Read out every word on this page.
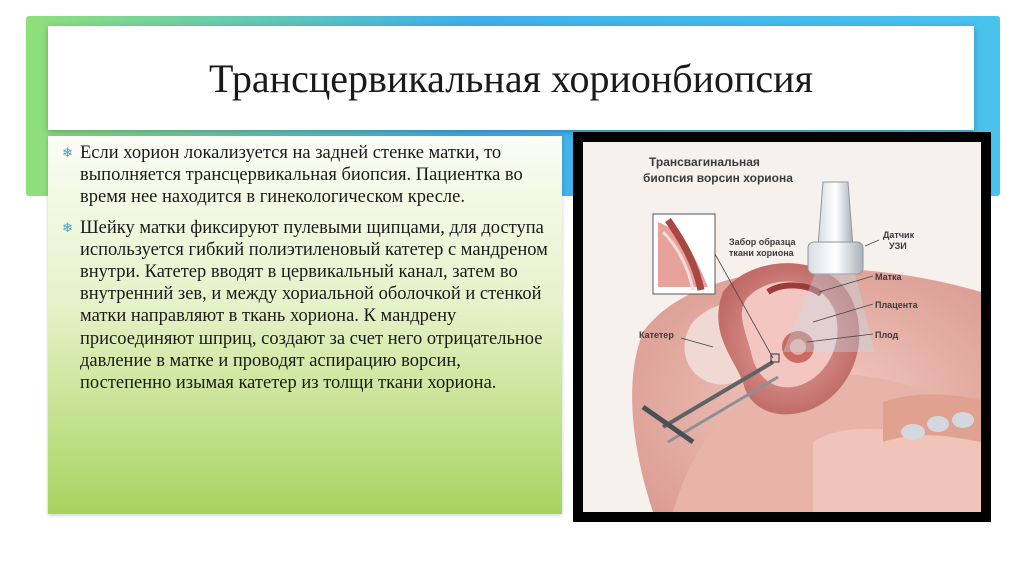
Трансцервикальная хорионбиопсия
❄ Если хорион локализуется на задней стенке матки, то выполняется трансцервикальная биопсия. Пациентка во время нее находится в гинекологическом кресле.
❄ Шейку матки фиксируют пулевыми щипцами, для доступа используется гибкий полиэтиленовый катетер с мандреном внутри. Катетер вводят в цервикальный канал, затем во внутренний зев, и между хориальной оболочкой и стенкой матки направляют в ткань хориона. К мандрену присоединяют шприц, создают за счет него отрицательное давление в матке и проводят аспирацию ворсин, постепенно изымая катетер из толщи ткани хориона.
Трансвагинальная
биопсия ворсин хориона
Забор образца
ткани хориона
Датчик
УЗИ
Матка
Плацента
Плод
Катетер
